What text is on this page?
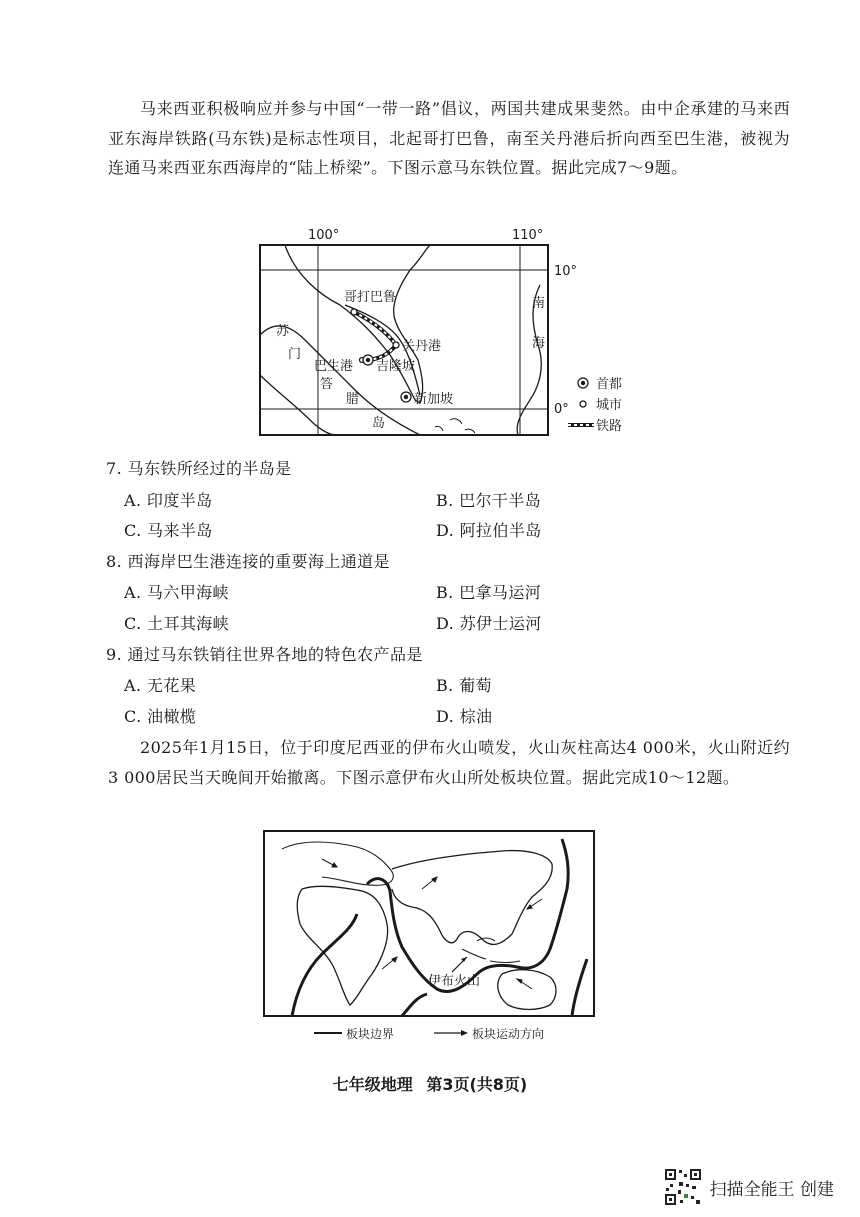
马来西亚积极响应并参与中国“一带一路”倡议，两国共建成果斐然。由中企承建的马来西亚东海岸铁路(马东铁)是标志性项目，北起哥打巴鲁，南至关丹港后折向西至巴生港，被视为连通马来西亚东西海岸的“陆上桥梁”。下图示意马东铁位置。据此完成7～9题。

100°	110°
10°
0°
哥打巴鲁
关丹港
巴生港 吉隆坡
新加坡
南
海
苏
门
答
腊
岛
首都
城市
铁路

7. 马东铁所经过的半岛是

A. 印度半岛	B. 巴尔干半岛

C. 马来半岛	D. 阿拉伯半岛

8. 西海岸巴生港连接的重要海上通道是

A. 马六甲海峡	B. 巴拿马运河

C. 土耳其海峡	D. 苏伊士运河

9. 通过马东铁销往世界各地的特色农产品是

A. 无花果	B. 葡萄

C. 油橄榄	D. 棕油

2025年1月15日，位于印度尼西亚的伊布火山喷发，火山灰柱高达4 000米，火山附近约3 000居民当天晚间开始撤离。下图示意伊布火山所处板块位置。据此完成10～12题。

伊布火山
板块边界	板块运动方向
七年级地理 第3页(共8页)
扫描全能王 创建
